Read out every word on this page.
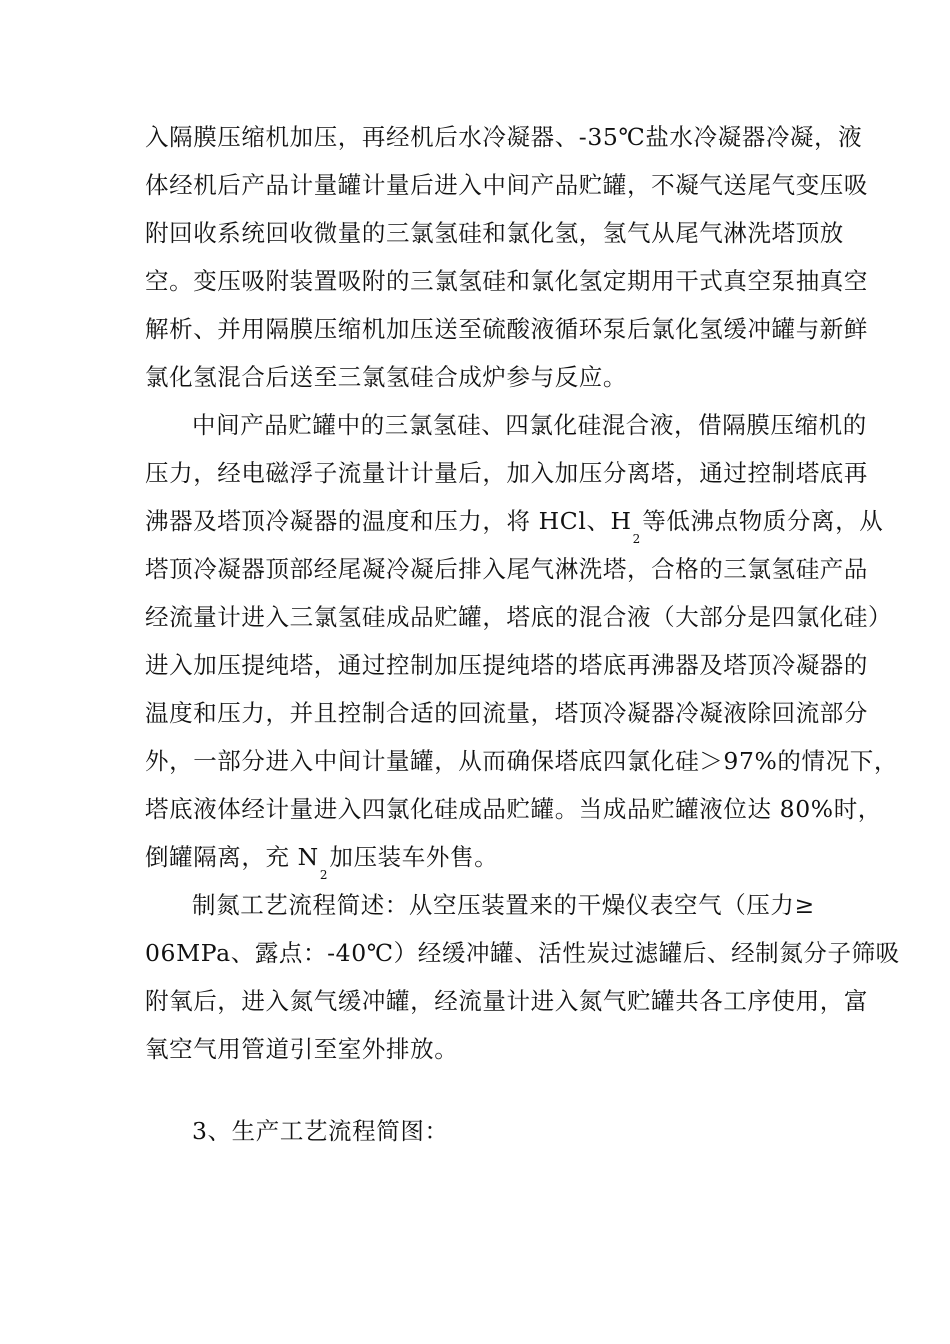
入隔膜压缩机加压，再经机后水冷凝器、-35℃盐水冷凝器冷凝，液
体经机后产品计量罐计量后进入中间产品贮罐，不凝气送尾气变压吸
附回收系统回收微量的三氯氢硅和氯化氢，氢气从尾气淋洗塔顶放
空。变压吸附装置吸附的三氯氢硅和氯化氢定期用干式真空泵抽真空
解析、并用隔膜压缩机加压送至硫酸液循环泵后氯化氢缓冲罐与新鲜
氯化氢混合后送至三氯氢硅合成炉参与反应。
中间产品贮罐中的三氯氢硅、四氯化硅混合液，借隔膜压缩机的
压力，经电磁浮子流量计计量后，加入加压分离塔，通过控制塔底再
沸器及塔顶冷凝器的温度和压力，将 HCl、$H_2$等低沸点物质分离，从
塔顶冷凝器顶部经尾凝冷凝后排入尾气淋洗塔，合格的三氯氢硅产品
经流量计进入三氯氢硅成品贮罐，塔底的混合液（大部分是四氯化硅）
进入加压提纯塔，通过控制加压提纯塔的塔底再沸器及塔顶冷凝器的
温度和压力，并且控制合适的回流量，塔顶冷凝器冷凝液除回流部分
外，一部分进入中间计量罐，从而确保塔底四氯化硅＞97%的情况下，
塔底液体经计量进入四氯化硅成品贮罐。当成品贮罐液位达 80%时，
倒罐隔离，充 $N_2$加压装车外售。
制氮工艺流程简述：从空压装置来的干燥仪表空气（压力≥
06MPa、露点：-40℃）经缓冲罐、活性炭过滤罐后、经制氮分子筛吸
附氧后，进入氮气缓冲罐，经流量计进入氮气贮罐共各工序使用，富
氧空气用管道引至室外排放。
3、生产工艺流程简图：
